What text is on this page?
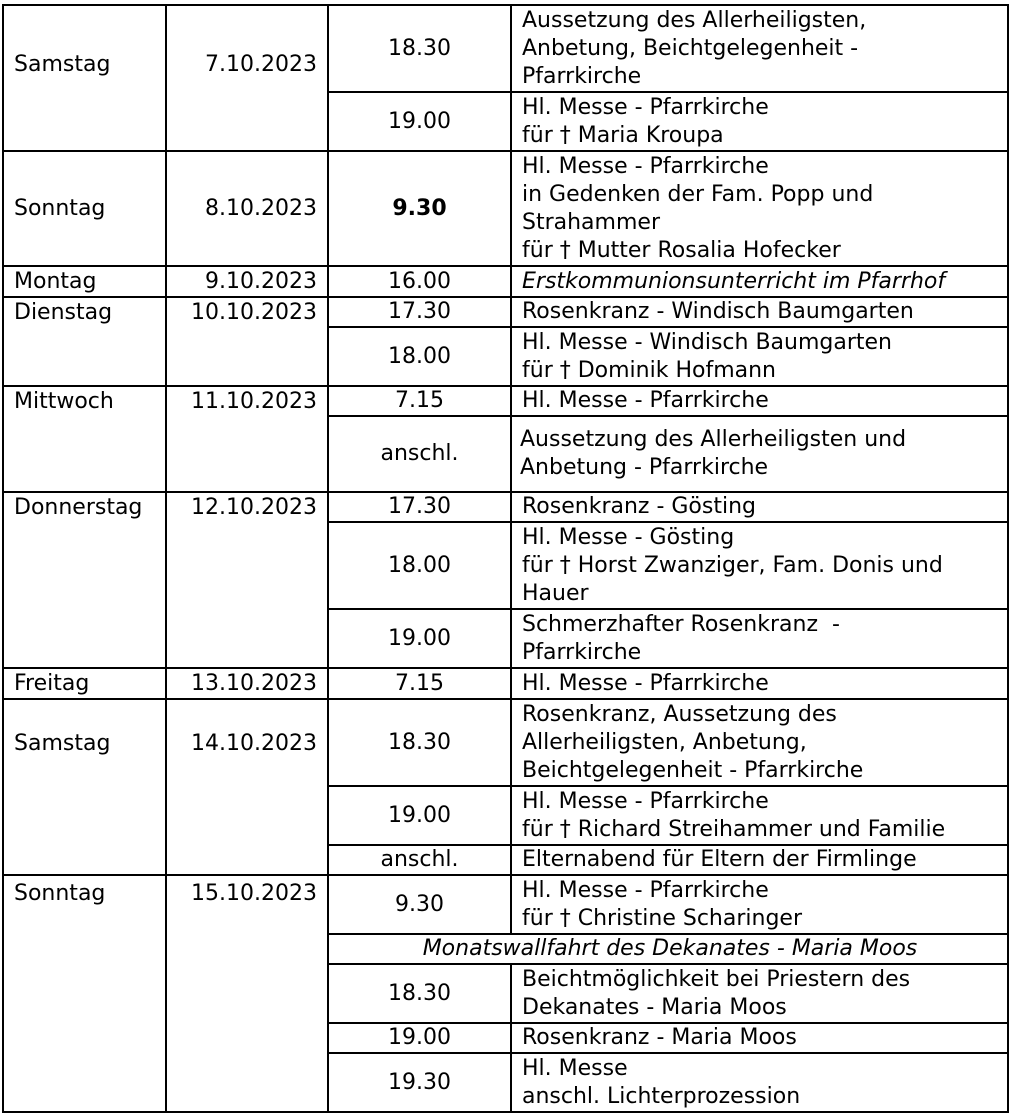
Samstag	7.10.2023	18.30	Aussetzung des Allerheiligsten,
Anbetung, Beichtgelegenheit -
Pfarrkirche

		19.00	Hl. Messe - Pfarrkirche
für † Maria Kroupa

Sonntag	8.10.2023	9.30	Hl. Messe - Pfarrkirche
in Gedenken der Fam. Popp und
Strahammer
für † Mutter Rosalia Hofecker

Montag	9.10.2023	16.00	Erstkommunionsunterricht im Pfarrhof
Dienstag	10.10.2023	17.30	Rosenkranz - Windisch Baumgarten
		18.00	Hl. Messe - Windisch Baumgarten
für † Dominik Hofmann

Mittwoch	11.10.2023	7.15	Hl. Messe - Pfarrkirche
		anschl.	Aussetzung des Allerheiligsten und
Anbetung - Pfarrkirche

Donnerstag	12.10.2023	17.30	Rosenkranz - Gösting
		18.00	Hl. Messe - Gösting
für † Horst Zwanziger, Fam. Donis und
Hauer

		19.00	Schmerzhafter Rosenkranz  -
Pfarrkirche

Freitag	13.10.2023	7.15	Hl. Messe - Pfarrkirche
Samstag	14.10.2023	18.30	Rosenkranz, Aussetzung des
Allerheiligsten, Anbetung,
Beichtgelegenheit - Pfarrkirche

		19.00	Hl. Messe - Pfarrkirche
für † Richard Streihammer und Familie

		anschl.	Elternabend für Eltern der Firmlinge
Sonntag	15.10.2023	9.30	Hl. Messe - Pfarrkirche
für † Christine Scharinger

		Monatswallfahrt des Dekanates - Maria Moos	
		18.30	Beichtmöglichkeit bei Priestern des
Dekanates - Maria Moos

		19.00	Rosenkranz - Maria Moos
		19.30	Hl. Messe
anschl. Lichterprozession
